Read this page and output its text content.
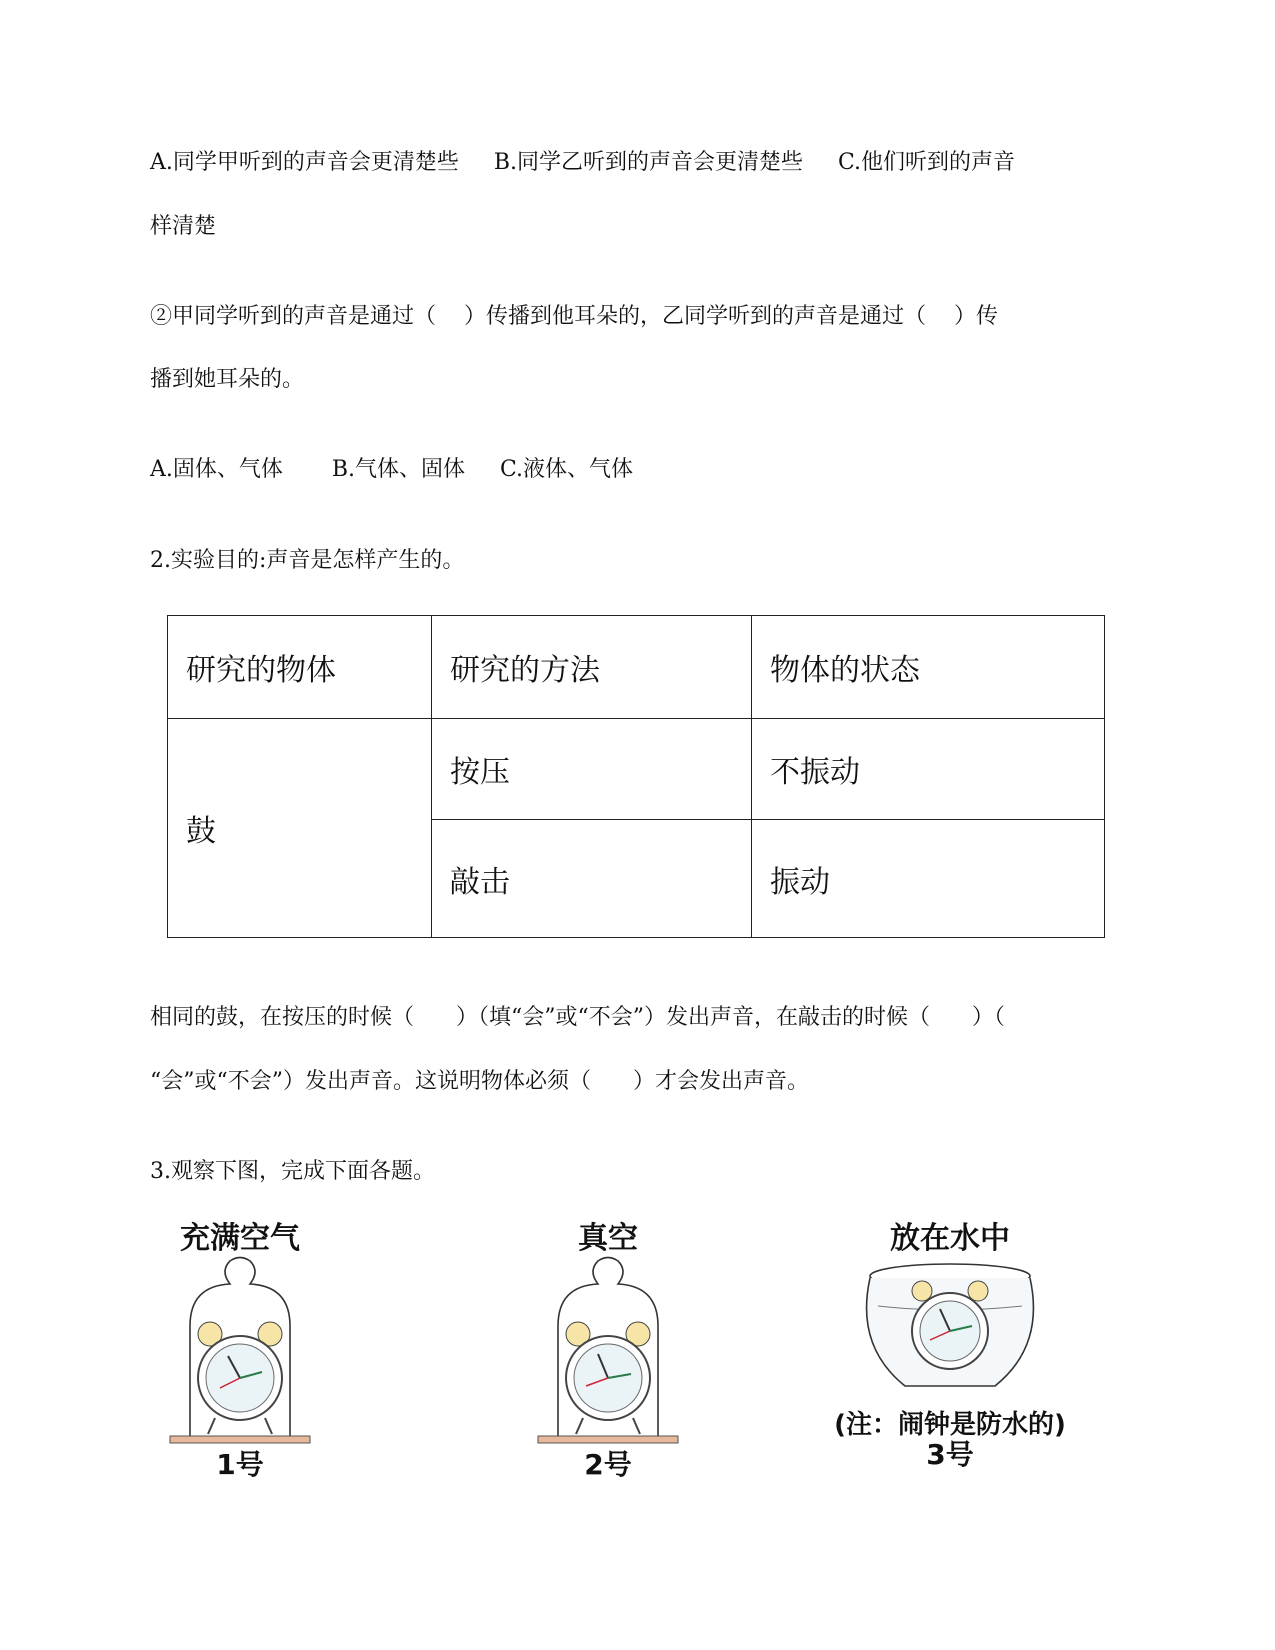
A.同学甲听到的声音会更清楚些     B.同学乙听到的声音会更清楚些     C.他们听到的声音
样清楚
②甲同学听到的声音是通过（    ）传播到他耳朵的，乙同学听到的声音是通过（    ）传
播到她耳朵的。
A.固体、气体       B.气体、固体     C.液体、气体
2.实验目的:声音是怎样产生的。
研究的物体	研究的方法	物体的状态
鼓	按压	不振动
	敲击	振动
相同的鼓，在按压的时候（      ）（填“会”或“不会”）发出声音，在敲击的时候（      ）（
“会”或“不会”）发出声音。这说明物体必须（      ）才会发出声音。
3.观察下图，完成下面各题。
充满空气
1号
真空
2号
放在水中
(注：闹钟是防水的)
3号
